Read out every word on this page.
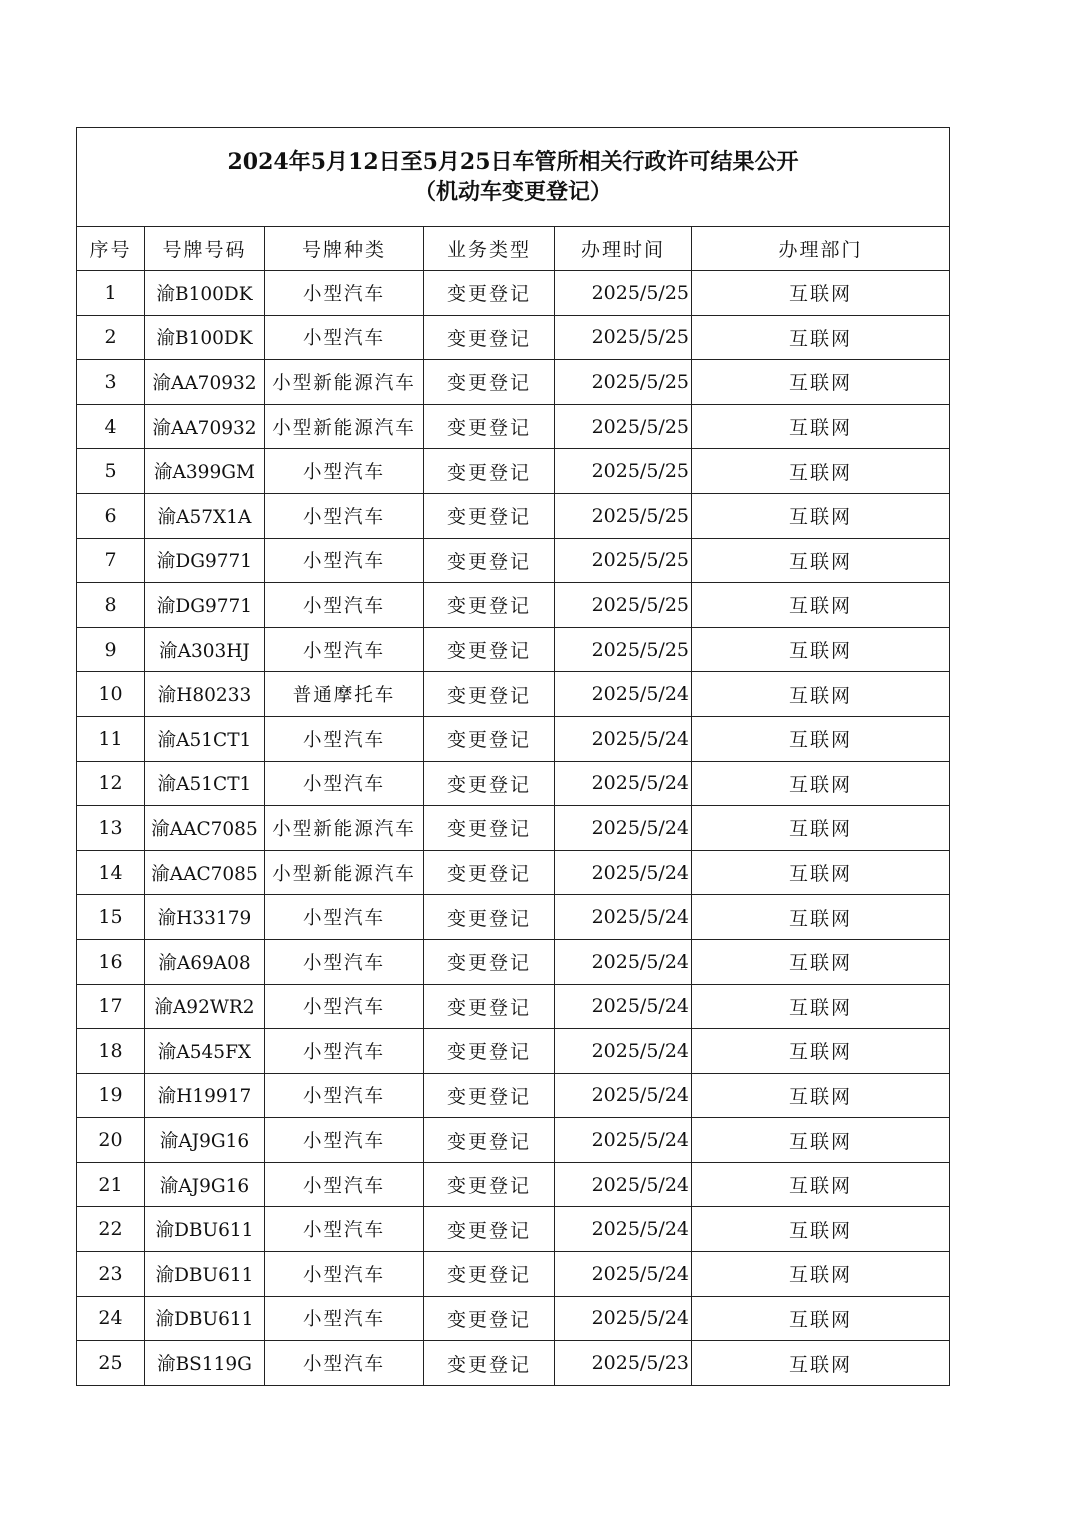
2024年5月12日至5月25日车管所相关行政许可结果公开
（机动车变更登记）					

序号	号牌号码	号牌种类	业务类型	办理时间	办理部门
1	渝B100DK	小型汽车	变更登记	2025/5/25	互联网
2	渝B100DK	小型汽车	变更登记	2025/5/25	互联网
3	渝AA70932	小型新能源汽车	变更登记	2025/5/25	互联网
4	渝AA70932	小型新能源汽车	变更登记	2025/5/25	互联网
5	渝A399GM	小型汽车	变更登记	2025/5/25	互联网
6	渝A57X1A	小型汽车	变更登记	2025/5/25	互联网
7	渝DG9771	小型汽车	变更登记	2025/5/25	互联网
8	渝DG9771	小型汽车	变更登记	2025/5/25	互联网
9	渝A303HJ	小型汽车	变更登记	2025/5/25	互联网
10	渝H80233	普通摩托车	变更登记	2025/5/24	互联网
11	渝A51CT1	小型汽车	变更登记	2025/5/24	互联网
12	渝A51CT1	小型汽车	变更登记	2025/5/24	互联网
13	渝AAC7085	小型新能源汽车	变更登记	2025/5/24	互联网
14	渝AAC7085	小型新能源汽车	变更登记	2025/5/24	互联网
15	渝H33179	小型汽车	变更登记	2025/5/24	互联网
16	渝A69A08	小型汽车	变更登记	2025/5/24	互联网
17	渝A92WR2	小型汽车	变更登记	2025/5/24	互联网
18	渝A545FX	小型汽车	变更登记	2025/5/24	互联网
19	渝H19917	小型汽车	变更登记	2025/5/24	互联网
20	渝AJ9G16	小型汽车	变更登记	2025/5/24	互联网
21	渝AJ9G16	小型汽车	变更登记	2025/5/24	互联网
22	渝DBU611	小型汽车	变更登记	2025/5/24	互联网
23	渝DBU611	小型汽车	变更登记	2025/5/24	互联网
24	渝DBU611	小型汽车	变更登记	2025/5/24	互联网
25	渝BS119G	小型汽车	变更登记	2025/5/23	互联网
